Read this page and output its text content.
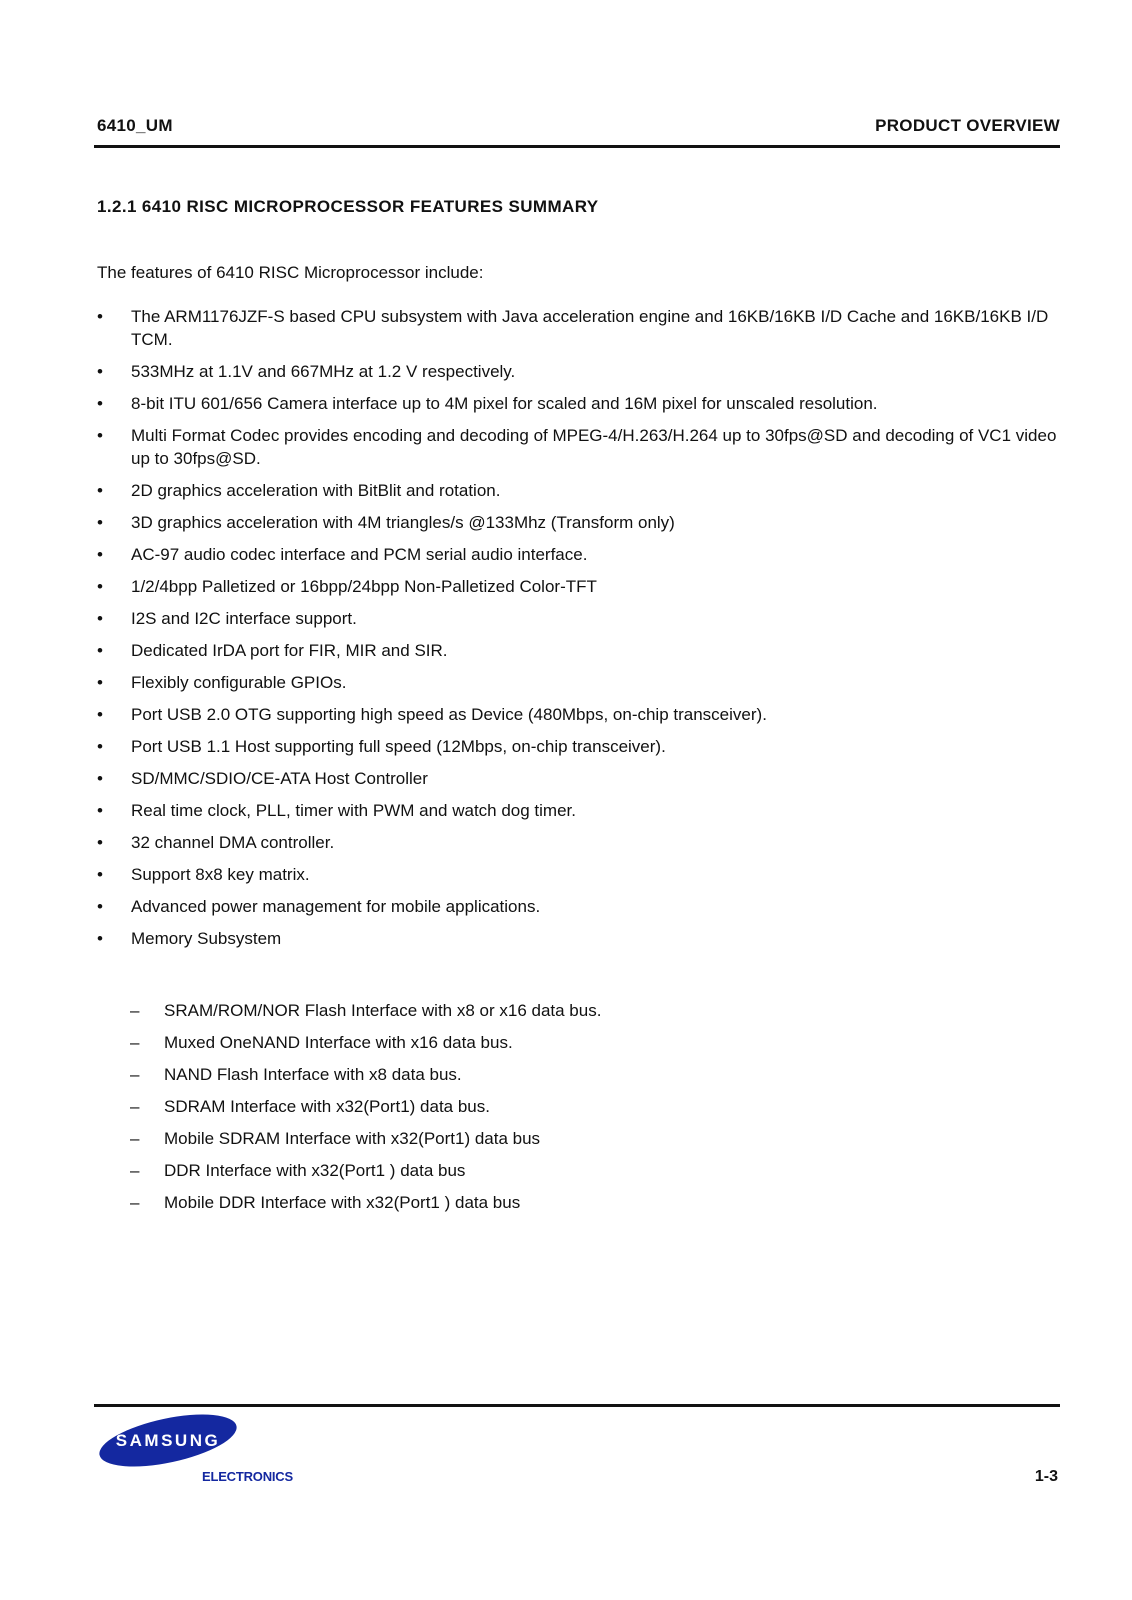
6410_UM	PRODUCT OVERVIEW
1.2.1 6410 RISC MICROPROCESSOR FEATURES SUMMARY
The features of 6410 RISC Microprocessor include:
• The ARM1176JZF-S based CPU subsystem with Java acceleration engine and 16KB/16KB I/D Cache and 16KB/16KB I/D TCM.
• 533MHz at 1.1V and 667MHz at 1.2 V respectively.
• 8-bit ITU 601/656 Camera interface up to 4M pixel for scaled and 16M pixel for unscaled resolution.
• Multi Format Codec provides encoding and decoding of MPEG-4/H.263/H.264 up to 30fps@SD and decoding of VC1 video up to 30fps@SD.
• 2D graphics acceleration with BitBlit and rotation.
• 3D graphics acceleration with 4M triangles/s @133Mhz (Transform only)
• AC-97 audio codec interface and PCM serial audio interface.
• 1/2/4bpp Palletized or 16bpp/24bpp Non-Palletized Color-TFT
• I2S and I2C interface support.
• Dedicated IrDA port for FIR, MIR and SIR.
• Flexibly configurable GPIOs.
• Port USB 2.0 OTG supporting high speed as Device (480Mbps, on-chip transceiver).
• Port USB 1.1 Host supporting full speed (12Mbps, on-chip transceiver).
• SD/MMC/SDIO/CE-ATA Host Controller
• Real time clock, PLL, timer with PWM and watch dog timer.
• 32 channel DMA controller.
• Support 8x8 key matrix.
• Advanced power management for mobile applications.
• Memory Subsystem
– SRAM/ROM/NOR Flash Interface with x8 or x16 data bus.
– Muxed OneNAND Interface with x16 data bus.
– NAND Flash Interface with x8 data bus.
– SDRAM Interface with x32(Port1) data bus.
– Mobile SDRAM Interface with x32(Port1) data bus
– DDR Interface with x32(Port1 ) data bus
– Mobile DDR Interface with x32(Port1 ) data bus
SAMSUNG
ELECTRONICS	1-3
